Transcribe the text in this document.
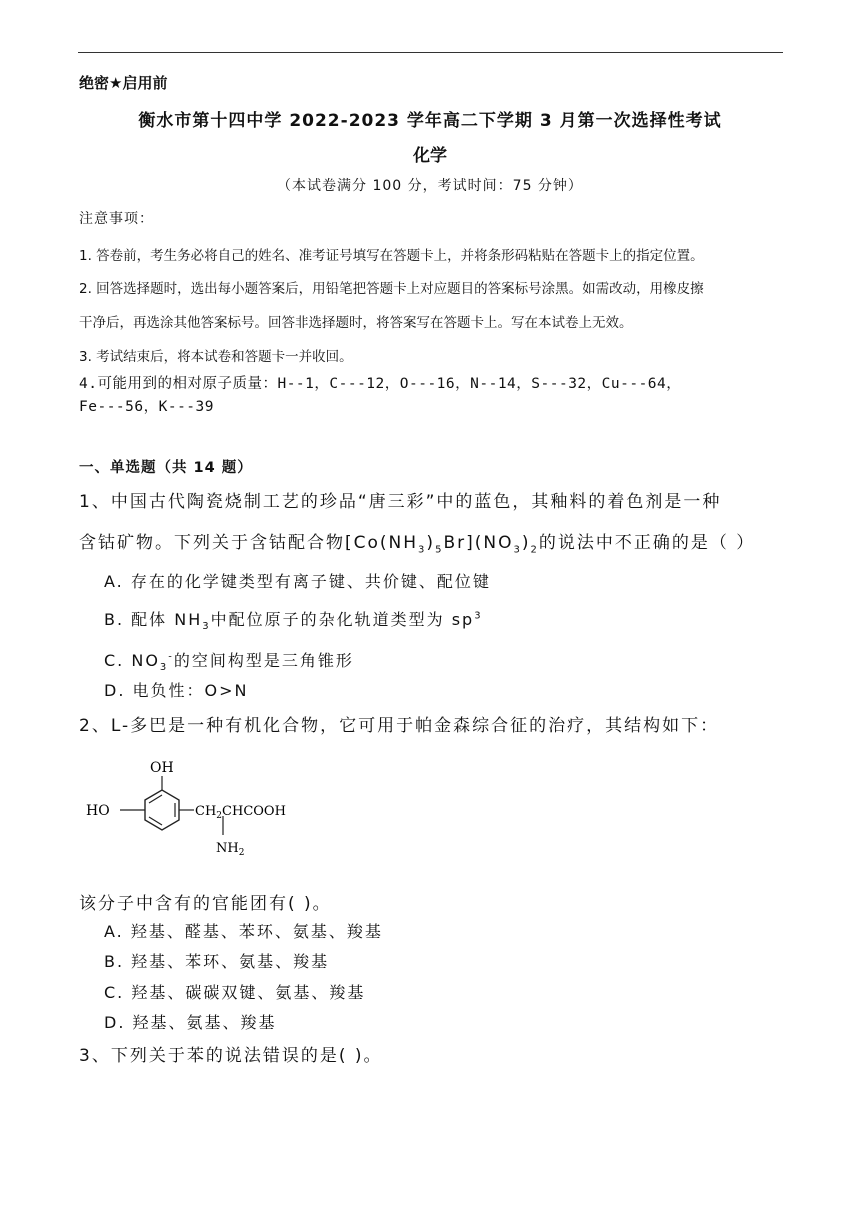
绝密★启用前
衡水市第十四中学 2022-2023 学年高二下学期 3 月第一次选择性考试
化学
（本试卷满分 100 分，考试时间：75 分钟）
注意事项：
1. 答卷前，考生务必将自己的姓名、准考证号填写在答题卡上，并将条形码粘贴在答题卡上的指定位置。
2. 回答选择题时，选出每小题答案后，用铅笔把答题卡上对应题目的答案标号涂黑。如需改动，用橡皮擦
干净后，再选涂其他答案标号。回答非选择题时，将答案写在答题卡上。写在本试卷上无效。
3. 考试结束后，将本试卷和答题卡一并收回。
4.可能用到的相对原子质量：H--1，C---12，O---16，N--14，S---32，Cu---64，
Fe---56，K---39
一、单选题（共 14 题）
1、中国古代陶瓷烧制工艺的珍品“唐三彩”中的蓝色，其釉料的着色剂是一种
含钴矿物。下列关于含钴配合物$[Co(NH_3)_5Br](NO_3)_2$的说法中不正确的是（ ）
A. 存在的化学键类型有离子键、共价键、配位键
B. 配体 $NH_3$中配位原子的杂化轨道类型为 $sp^3$
C. $NO_3^-$的空间构型是三角锥形
D. 电负性：O>N
2、L-多巴是一种有机化合物，它可用于帕金森综合征的治疗，其结构如下：
OH
HO	$CH_2CHCOOH$
$NH_2$
该分子中含有的官能团有( )。
A. 羟基、醛基、苯环、氨基、羧基
B. 羟基、苯环、氨基、羧基
C. 羟基、碳碳双键、氨基、羧基
D. 羟基、氨基、羧基
3、下列关于苯的说法错误的是( )。
